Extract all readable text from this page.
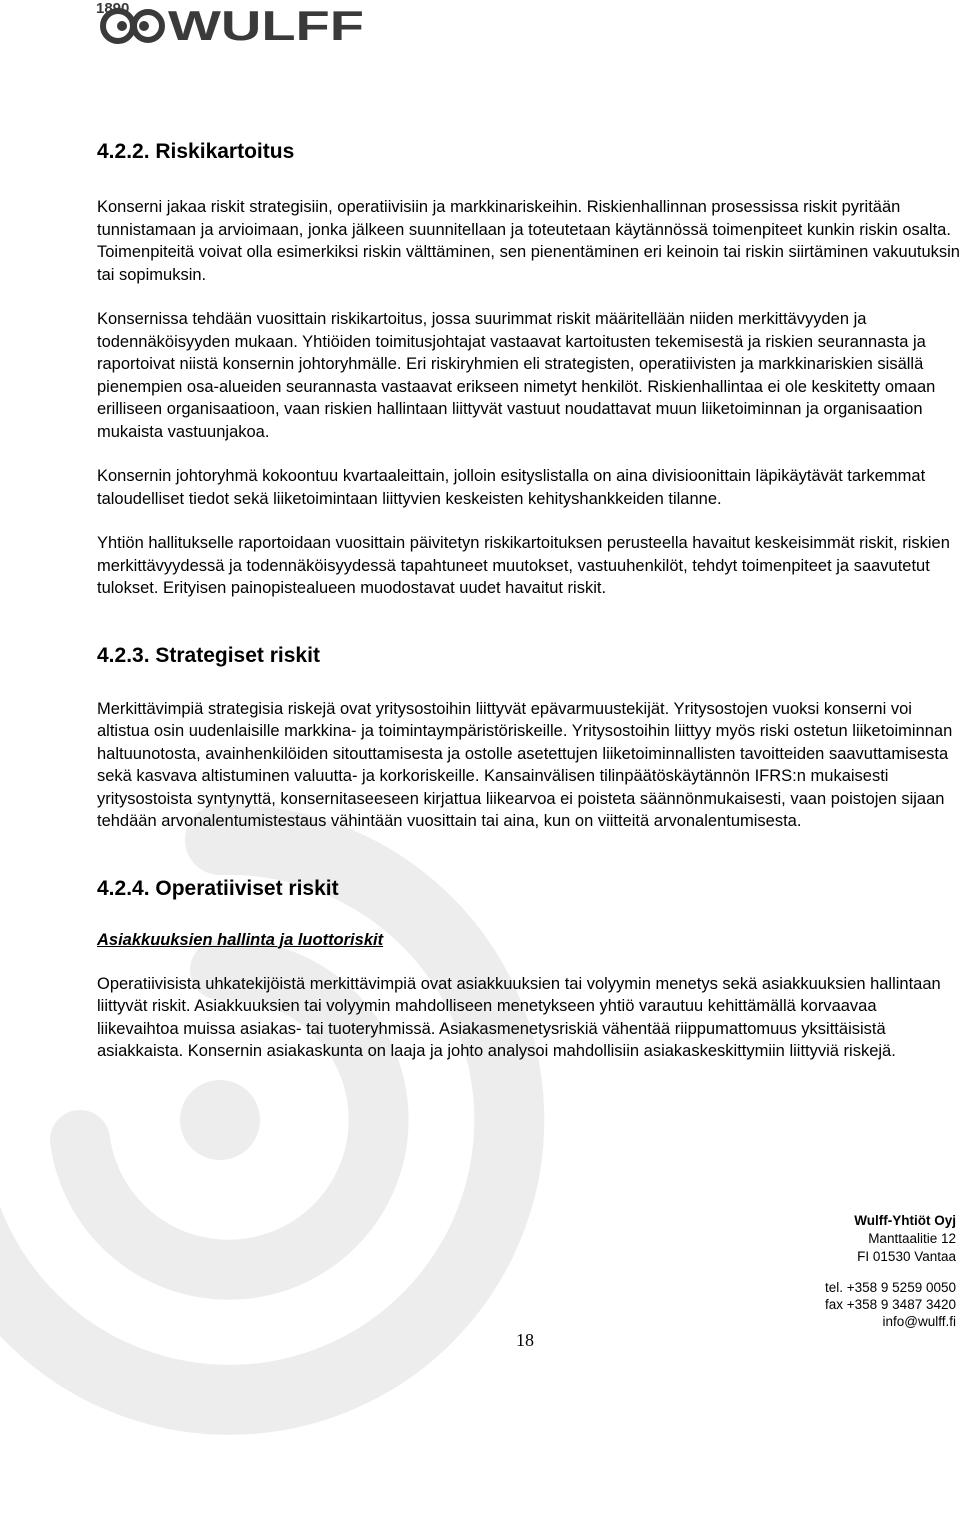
1890 WULFF
4.2.2. Riskikartoitus

Konserni jakaa riskit strategisiin, operatiivisiin ja markkinariskeihin. Riskienhallinnan prosessissa riskit pyritään tunnistamaan ja arvioimaan, jonka jälkeen suunnitellaan ja toteutetaan käytännössä toimenpiteet kunkin riskin osalta. Toimenpiteitä voivat olla esimerkiksi riskin välttäminen, sen pienentäminen eri keinoin tai riskin siirtäminen vakuutuksin tai sopimuksin.

Konsernissa tehdään vuosittain riskikartoitus, jossa suurimmat riskit määritellään niiden merkittävyyden ja todennäköisyyden mukaan. Yhtiöiden toimitusjohtajat vastaavat kartoitusten tekemisestä ja riskien seurannasta ja raportoivat niistä konsernin johtoryhmälle. Eri riskiryhmien eli strategisten, operatiivisten ja markkinariskien sisällä pienempien osa-alueiden seurannasta vastaavat erikseen nimetyt henkilöt. Riskienhallintaa ei ole keskitetty omaan erilliseen organisaatioon, vaan riskien hallintaan liittyvät vastuut noudattavat muun liiketoiminnan ja organisaation mukaista vastuunjakoa.

Konsernin johtoryhmä kokoontuu kvartaaleittain, jolloin esityslistalla on aina divisioonittain läpikäytävät tarkemmat taloudelliset tiedot sekä liiketoimintaan liittyvien keskeisten kehityshankkeiden tilanne.

Yhtiön hallitukselle raportoidaan vuosittain päivitetyn riskikartoituksen perusteella havaitut keskeisimmät riskit, riskien merkittävyydessä ja todennäköisyydessä tapahtuneet muutokset, vastuuhenkilöt, tehdyt toimenpiteet ja saavutetut tulokset. Erityisen painopistealueen muodostavat uudet havaitut riskit.

4.2.3. Strategiset riskit

Merkittävimpiä strategisia riskejä ovat yritysostoihin liittyvät epävarmuustekijät. Yritysostojen vuoksi konserni voi altistua osin uudenlaisille markkina- ja toimintaympäristöriskeille. Yritysostoihin liittyy myös riski ostetun liiketoiminnan haltuunotosta, avainhenkilöiden sitouttamisesta ja ostolle asetettujen liiketoiminnallisten tavoitteiden saavuttamisesta sekä kasvava altistuminen valuutta- ja korkoriskeille. Kansainvälisen tilinpäätöskäytännön IFRS:n mukaisesti yritysostoista syntynyttä, konsernitaseeseen kirjattua liikearvoa ei poisteta säännönmukaisesti, vaan poistojen sijaan tehdään arvonalentumistestaus vähintään vuosittain tai aina, kun on viitteitä arvonalentumisesta.

4.2.4. Operatiiviset riskit
Asiakkuuksien hallinta ja luottoriskit

Operatiivisista uhkatekijöistä merkittävimpiä ovat asiakkuuksien tai volyymin menetys sekä asiakkuuksien hallintaan liittyvät riskit. Asiakkuuksien tai volyymin mahdolliseen menetykseen yhtiö varautuu kehittämällä korvaavaa liikevaihtoa muissa asiakas- tai tuoteryhmissä. Asiakasmenetysriskiä vähentää riippumattomuus yksittäisistä asiakkaista. Konsernin asiakaskunta on laaja ja johto analysoi mahdollisiin asiakaskeskittymiin liittyviä riskejä.

Wulff-Yhtiöt Oyj
Manttaalitie 12
FI 01530 Vantaa
tel. +358 9 5259 0050
fax +358 9 3487 3420
info@wulff.fi
18
